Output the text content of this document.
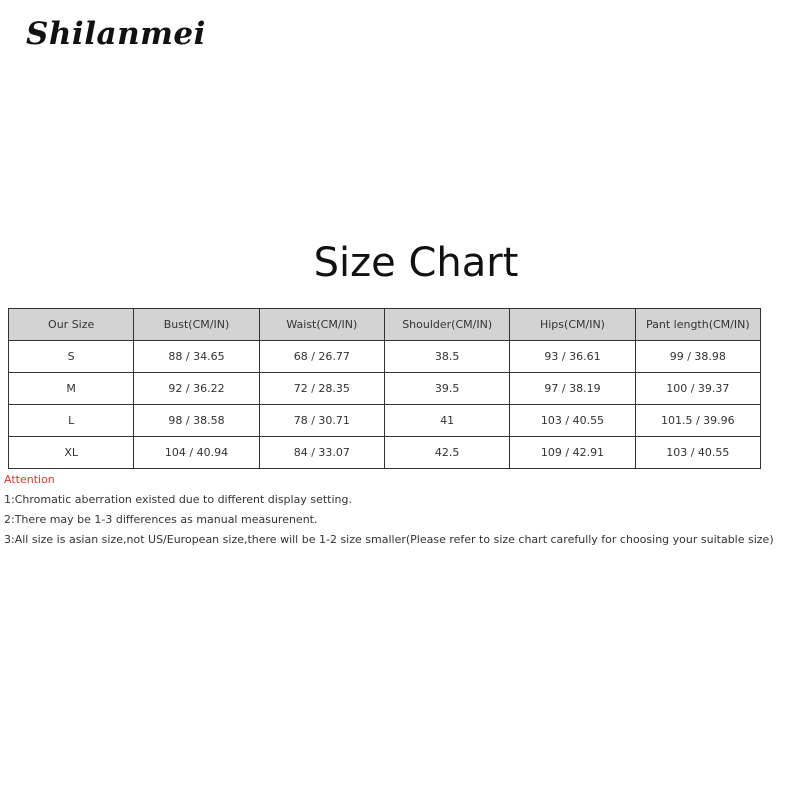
Shilanmei
Size Chart
Our Size	Bust(CM/IN)	Waist(CM/IN)	Shoulder(CM/IN)	Hips(CM/IN)	Pant length(CM/IN)
S	88 / 34.65	68 / 26.77	38.5	93 / 36.61	99 / 38.98
M	92 / 36.22	72 / 28.35	39.5	97 / 38.19	100 / 39.37
L	98 / 38.58	78 / 30.71	41	103 / 40.55	101.5 / 39.96
XL	104 / 40.94	84 / 33.07	42.5	109 / 42.91	103 / 40.55
Attention
1:Chromatic aberration existed due to different display setting.
2:There may be 1-3 differences as manual measurenent.
3:All size is asian size,not US/European size,there will be 1-2 size smaller(Please refer to size chart carefully for choosing your suitable size)
